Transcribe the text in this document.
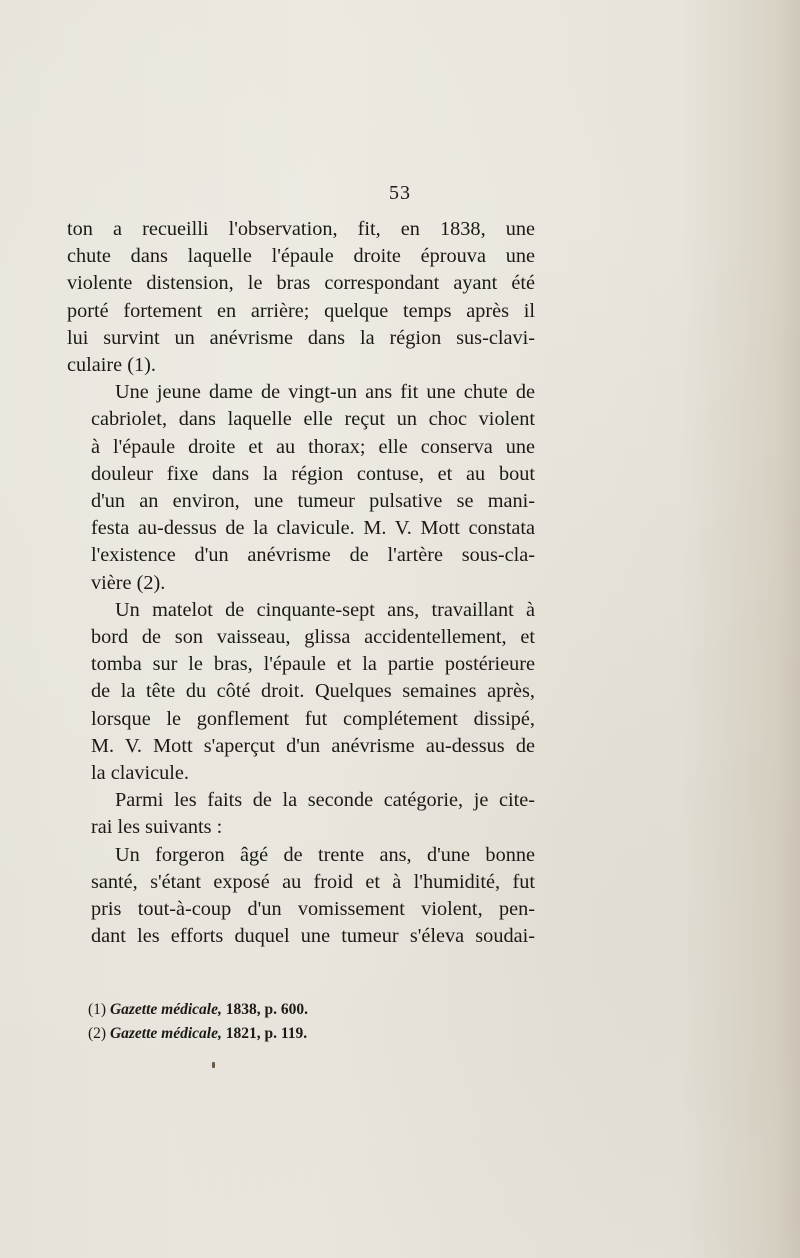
53

ton a recueilli l'observation, fit, en 1838, une
chute dans laquelle l'épaule droite éprouva une
violente distension, le bras correspondant ayant été
porté fortement en arrière; quelque temps après il
lui survint un anévrisme dans la région sus-clavi-
culaire (1).

Une jeune dame de vingt-un ans fit une chute de
cabriolet, dans laquelle elle reçut un choc violent
à l'épaule droite et au thorax; elle conserva une
douleur fixe dans la région contuse, et au bout
d'un an environ, une tumeur pulsative se mani-
festa au-dessus de la clavicule. M. V. Mott constata
l'existence d'un anévrisme de l'artère sous-cla-
vière (2).

Un matelot de cinquante-sept ans, travaillant à
bord de son vaisseau, glissa accidentellement, et
tomba sur le bras, l'épaule et la partie postérieure
de la tête du côté droit. Quelques semaines après,
lorsque le gonflement fut complétement dissipé,
M. V. Mott s'aperçut d'un anévrisme au-dessus de
la clavicule.

Parmi les faits de la seconde catégorie, je cite-
rai les suivants :

Un forgeron âgé de trente ans, d'une bonne
santé, s'étant exposé au froid et à l'humidité, fut
pris tout-à-coup d'un vomissement violent, pen-
dant les efforts duquel une tumeur s'éleva soudai-

(1) Gazette médicale, 1838, p. 600.
(2) Gazette médicale, 1821, p. 119.
